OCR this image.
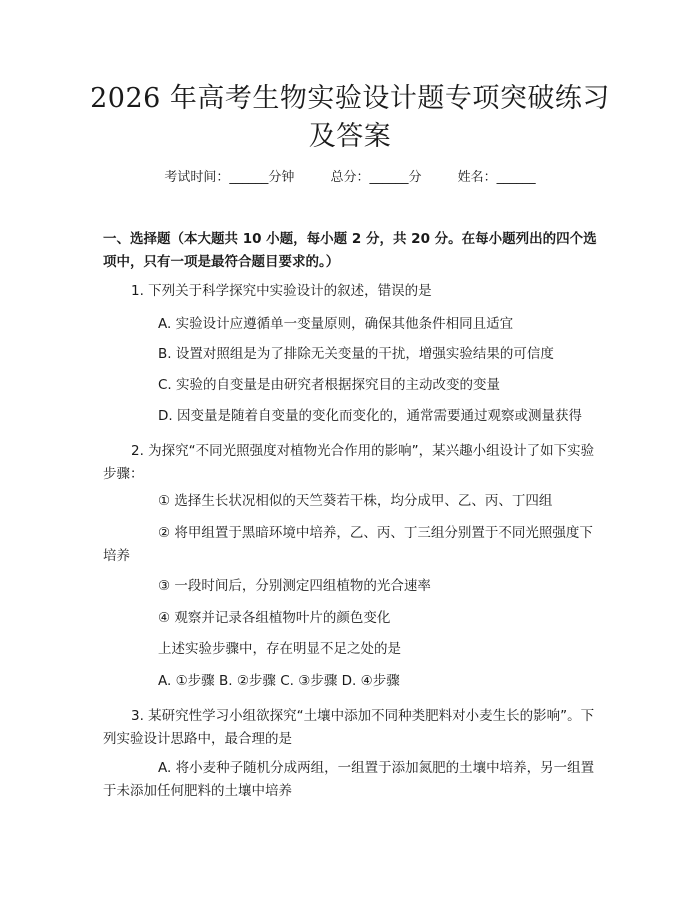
2026 年高考生物实验设计题专项突破练习及答案
考试时间：______分钟	总分：______分	姓名：______
一、选择题（本大题共 10 小题，每小题 2 分，共 20 分。在每小题列出的四个选项中，只有一项是最符合题目要求的。）
1. 下列关于科学探究中实验设计的叙述，错误的是
A. 实验设计应遵循单一变量原则，确保其他条件相同且适宜
B. 设置对照组是为了排除无关变量的干扰，增强实验结果的可信度
C. 实验的自变量是由研究者根据探究目的主动改变的变量
D. 因变量是随着自变量的变化而变化的，通常需要通过观察或测量获得
2. 为探究“不同光照强度对植物光合作用的影响”，某兴趣小组设计了如下实验步骤：
① 选择生长状况相似的天竺葵若干株，均分成甲、乙、丙、丁四组
② 将甲组置于黑暗环境中培养，乙、丙、丁三组分别置于不同光照强度下培养
③ 一段时间后，分别测定四组植物的光合速率
④ 观察并记录各组植物叶片的颜色变化
上述实验步骤中，存在明显不足之处的是
A. ①步骤 B. ②步骤 C. ③步骤 D. ④步骤
3. 某研究性学习小组欲探究“土壤中添加不同种类肥料对小麦生长的影响”。下列实验设计思路中，最合理的是
A. 将小麦种子随机分成两组，一组置于添加氮肥的土壤中培养，另一组置于未添加任何肥料的土壤中培养
